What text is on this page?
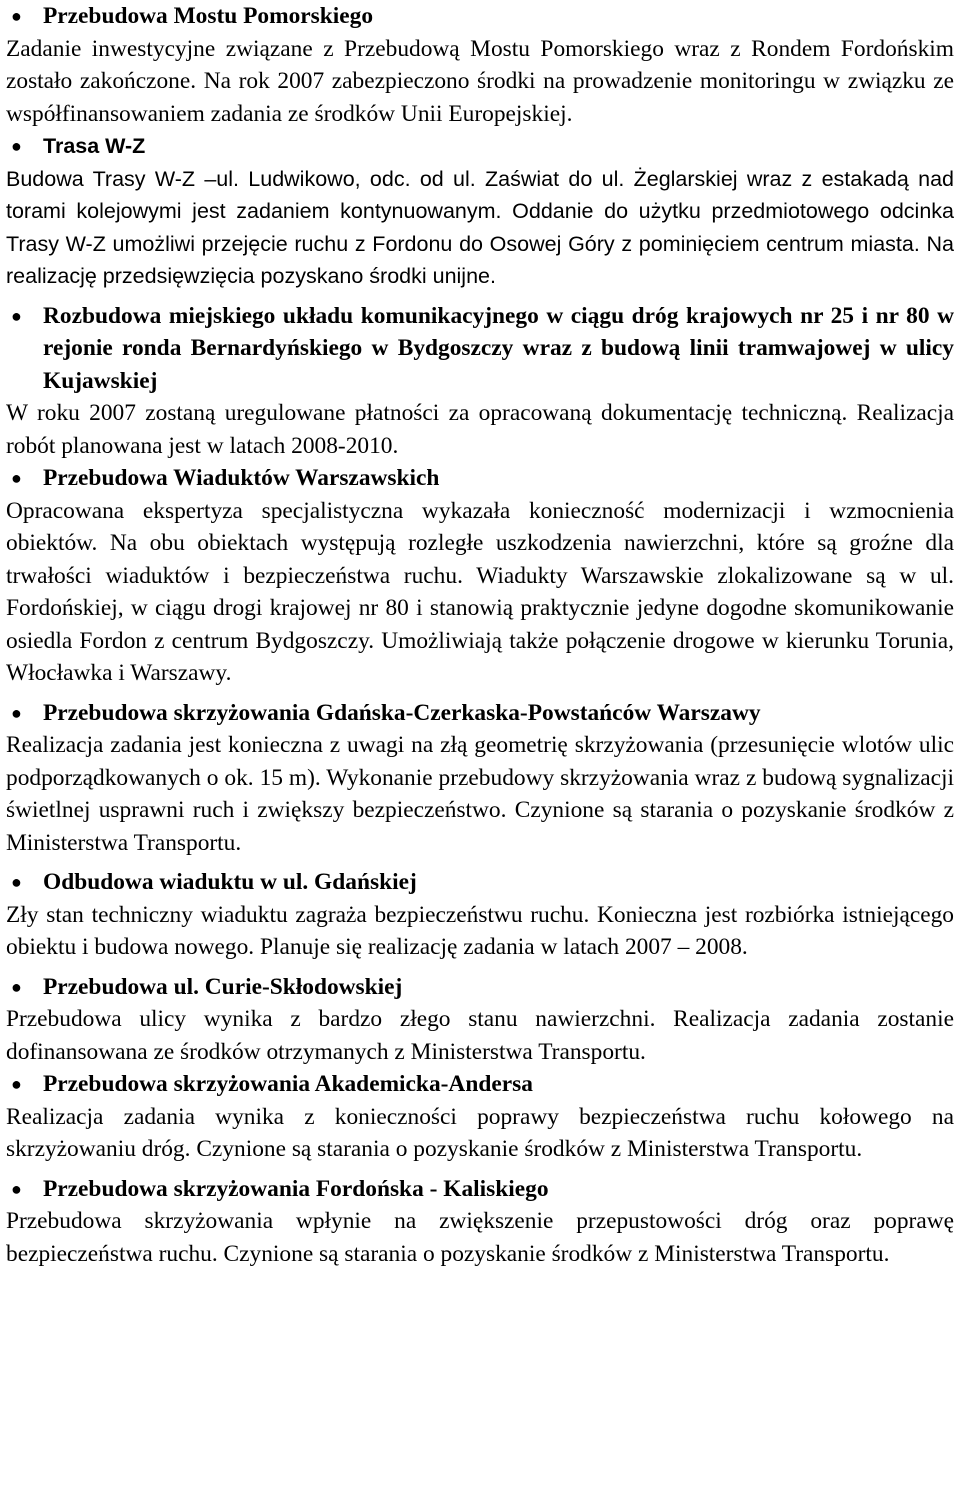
● Przebudowa Mostu Pomorskiego

Zadanie inwestycyjne związane z Przebudową Mostu Pomorskiego wraz z Rondem Fordońskim zostało zakończone. Na rok 2007 zabezpieczono środki na prowadzenie monitoringu w związku ze współfinansowaniem zadania ze środków Unii Europejskiej.

● Trasa W-Z

Budowa Trasy W-Z –ul. Ludwikowo, odc. od ul. Zaświat do ul. Żeglarskiej wraz z estakadą nad torami kolejowymi jest zadaniem kontynuowanym. Oddanie do użytku przedmiotowego odcinka Trasy W-Z umożliwi przejęcie ruchu z Fordonu do Osowej Góry z pominięciem centrum miasta. Na realizację przedsięwzięcia pozyskano środki unijne.

● Rozbudowa miejskiego układu komunikacyjnego w ciągu dróg krajowych nr 25 i nr 80 w rejonie ronda Bernardyńskiego w Bydgoszczy wraz z budową linii tramwajowej w ulicy Kujawskiej

W roku 2007 zostaną uregulowane płatności za opracowaną dokumentację techniczną. Realizacja robót planowana jest w latach 2008-2010.

● Przebudowa Wiaduktów Warszawskich

Opracowana ekspertyza specjalistyczna wykazała konieczność modernizacji i wzmocnienia obiektów. Na obu obiektach występują rozległe uszkodzenia nawierzchni, które są groźne dla trwałości wiaduktów i bezpieczeństwa ruchu. Wiadukty Warszawskie zlokalizowane są w ul. Fordońskiej, w ciągu drogi krajowej nr 80 i stanowią praktycznie jedyne dogodne skomunikowanie osiedla Fordon z centrum Bydgoszczy. Umożliwiają także połączenie drogowe w kierunku Torunia, Włocławka i Warszawy.

● Przebudowa skrzyżowania Gdańska-Czerkaska-Powstańców Warszawy

Realizacja zadania jest konieczna z uwagi na złą geometrię skrzyżowania (przesunięcie wlotów ulic podporządkowanych o ok. 15 m). Wykonanie przebudowy skrzyżowania wraz z budową sygnalizacji świetlnej usprawni ruch i zwiększy bezpieczeństwo. Czynione są starania o pozyskanie środków z Ministerstwa Transportu.

● Odbudowa wiaduktu w ul. Gdańskiej

Zły stan techniczny wiaduktu zagraża bezpieczeństwu ruchu. Konieczna jest rozbiórka istniejącego obiektu i budowa nowego. Planuje się realizację zadania w latach 2007 – 2008.

● Przebudowa ul. Curie-Skłodowskiej

Przebudowa ulicy wynika z bardzo złego stanu nawierzchni. Realizacja zadania zostanie dofinansowana ze środków otrzymanych z Ministerstwa Transportu.

● Przebudowa skrzyżowania Akademicka-Andersa

Realizacja zadania wynika z konieczności poprawy bezpieczeństwa ruchu kołowego na skrzyżowaniu dróg. Czynione są starania o pozyskanie środków z Ministerstwa Transportu.

● Przebudowa skrzyżowania Fordońska - Kaliskiego

Przebudowa skrzyżowania wpłynie na zwiększenie przepustowości dróg oraz poprawę bezpieczeństwa ruchu. Czynione są starania o pozyskanie środków z Ministerstwa Transportu.
